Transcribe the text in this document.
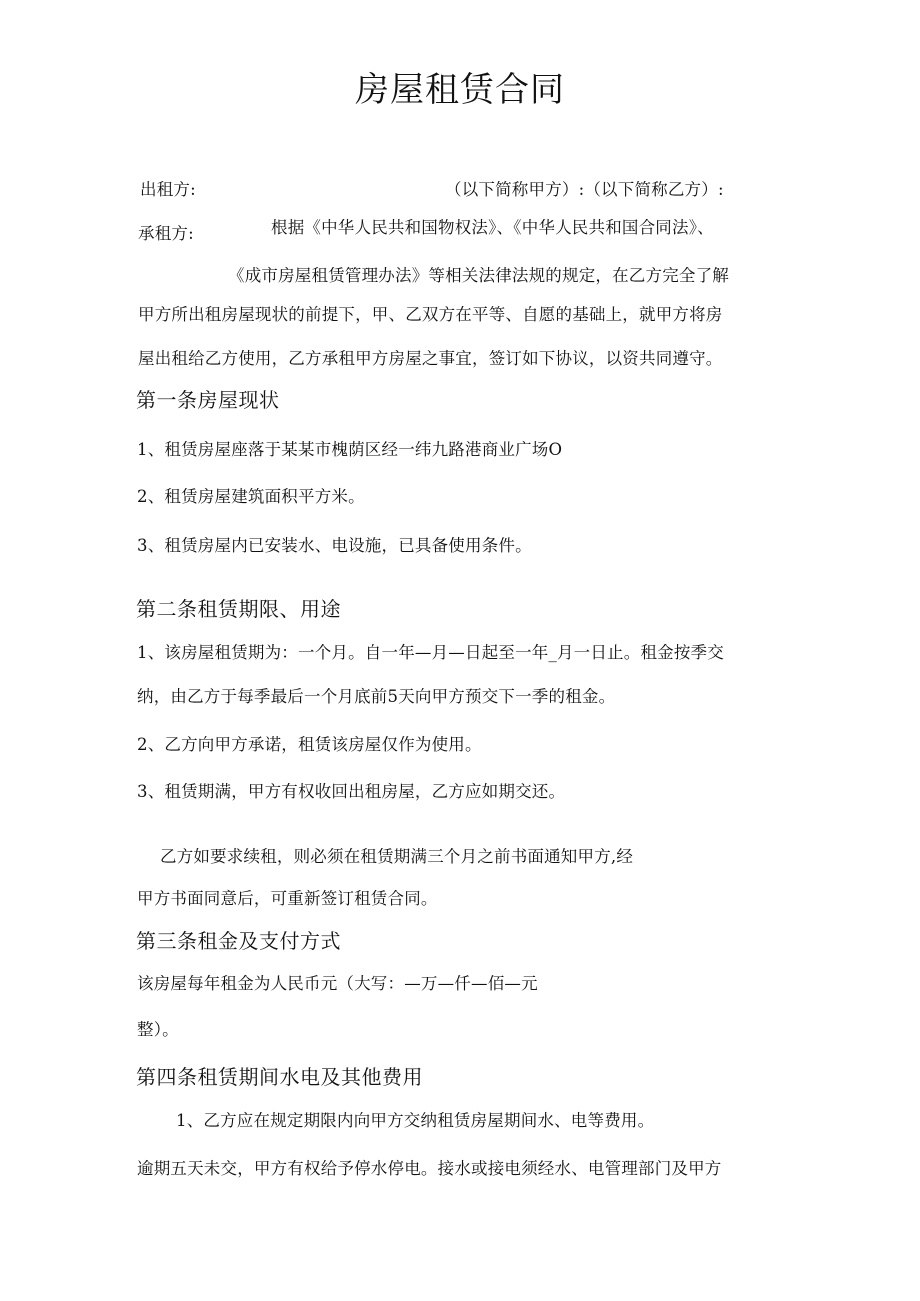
房屋租赁合同
出租方:	（以下简称甲方）:（以下简称乙方）:
承租方:	根据《中华人民共和国物权法》、《中华人民共和国合同法》、
《成市房屋租赁管理办法》等相关法律法规的规定，在乙方完全了解
甲方所出租房屋现状的前提下，甲、乙双方在平等、自愿的基础上，就甲方将房
屋出租给乙方使用，乙方承租甲方房屋之事宜，签订如下协议，以资共同遵守。
第一条房屋现状
1、租赁房屋座落于某某市槐荫区经一纬九路港商业广场O
2、租赁房屋建筑面积平方米。
3、租赁房屋内已安装水、电设施，已具备使用条件。
第二条租赁期限、用途
1、该房屋租赁期为：一个月。自一年—月—日起至一年_月一日止。租金按季交
纳，由乙方于每季最后一个月底前5天向甲方预交下一季的租金。
2、乙方向甲方承诺，租赁该房屋仅作为使用。
3、租赁期满，甲方有权收回出租房屋，乙方应如期交还。
乙方如要求续租，则必须在租赁期满三个月之前书面通知甲方,经
甲方书面同意后，可重新签订租赁合同。
第三条租金及支付方式
该房屋每年租金为人民币元（大写：—万—仟—佰—元
整）。
第四条租赁期间水电及其他费用
1、乙方应在规定期限内向甲方交纳租赁房屋期间水、电等费用。
逾期五天未交，甲方有权给予停水停电。接水或接电须经水、电管理部门及甲方
